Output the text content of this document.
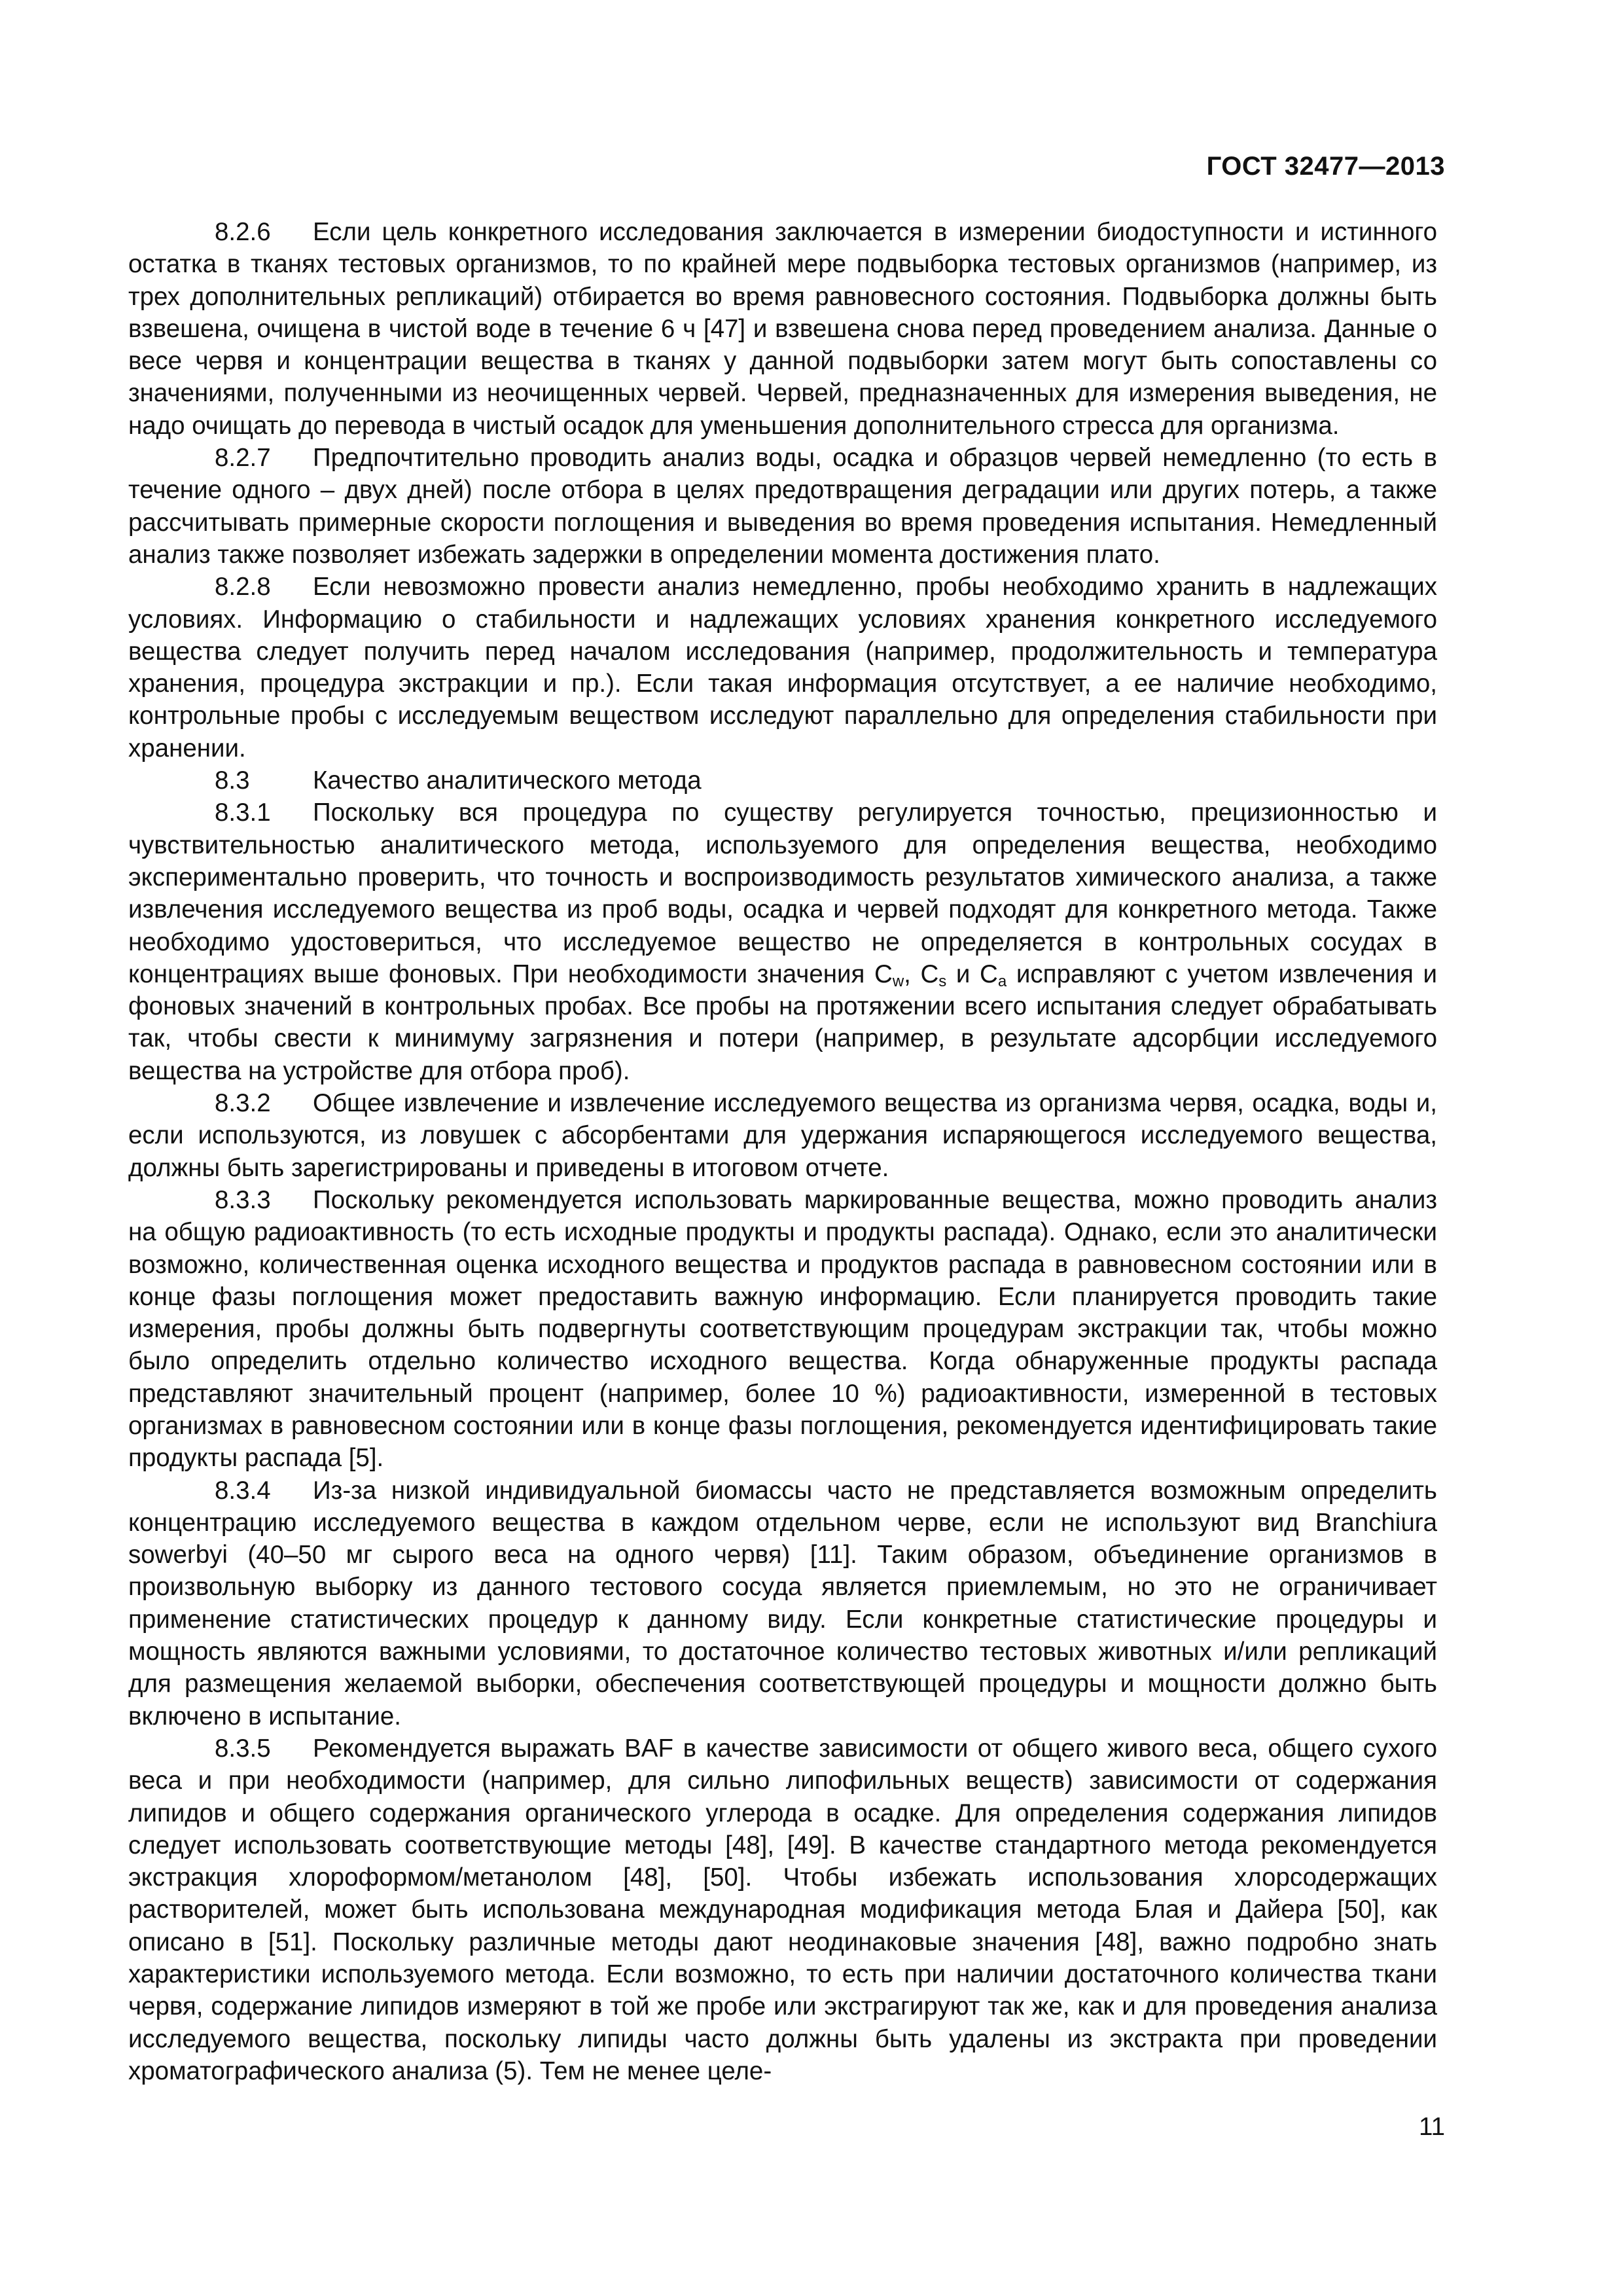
ГОСТ 32477—2013

8.2.6 Если цель конкретного исследования заключается в измерении биодоступности и истинного остатка в тканях тестовых организмов, то по крайней мере подвыборка тестовых организмов (например, из трех дополнительных репликаций) отбирается во время равновесного состояния. Подвыборка должны быть взвешена, очищена в чистой воде в течение 6 ч [47] и взвешена снова перед проведением анализа. Данные о весе червя и концентрации вещества в тканях у данной подвыборки затем могут быть сопоставлены со значениями, полученными из неочищенных червей. Червей, предназначенных для измерения выведения, не надо очищать до перевода в чистый осадок для уменьшения дополнительного стресса для организма.

8.2.7 Предпочтительно проводить анализ воды, осадка и образцов червей немедленно (то есть в течение одного – двух дней) после отбора в целях предотвращения деградации или других потерь, а также рассчитывать примерные скорости поглощения и выведения во время проведения испытания. Немедленный анализ также позволяет избежать задержки в определении момента достижения плато.

8.2.8 Если невозможно провести анализ немедленно, пробы необходимо хранить в надлежащих условиях. Информацию о стабильности и надлежащих условиях хранения конкретного исследуемого вещества следует получить перед началом исследования (например, продолжительность и температура хранения, процедура экстракции и пр.). Если такая информация отсутствует, а ее наличие необходимо, контрольные пробы с исследуемым веществом исследуют параллельно для определения стабильности при хранении.

8.3	Качество аналитического метода

8.3.1 Поскольку вся процедура по существу регулируется точностью, прецизионностью и чувствительностью аналитического метода, используемого для определения вещества, необходимо экспериментально проверить, что точность и воспроизводимость результатов химического анализа, а также извлечения исследуемого вещества из проб воды, осадка и червей подходят для конкретного метода. Также необходимо удостовериться, что исследуемое вещество не определяется в контрольных сосудах в концентрациях выше фоновых. При необходимости значения $C_w$, $C_s$ и $C_a$ исправляют с учетом извлечения и фоновых значений в контрольных пробах. Все пробы на протяжении всего испытания следует обрабатывать так, чтобы свести к минимуму загрязнения и потери (например, в результате адсорбции исследуемого вещества на устройстве для отбора проб).

8.3.2 Общее извлечение и извлечение исследуемого вещества из организма червя, осадка, воды и, если используются, из ловушек с абсорбентами для удержания испаряющегося исследуемого вещества, должны быть зарегистрированы и приведены в итоговом отчете.

8.3.3 Поскольку рекомендуется использовать маркированные вещества, можно проводить анализ на общую радиоактивность (то есть исходные продукты и продукты распада). Однако, если это аналитически возможно, количественная оценка исходного вещества и продуктов распада в равновесном состоянии или в конце фазы поглощения может предоставить важную информацию. Если планируется проводить такие измерения, пробы должны быть подвергнуты соответствующим процедурам экстракции так, чтобы можно было определить отдельно количество исходного вещества. Когда обнаруженные продукты распада представляют значительный процент (например, более 10 %) радиоактивности, измеренной в тестовых организмах в равновесном состоянии или в конце фазы поглощения, рекомендуется идентифицировать такие продукты распада [5].

8.3.4 Из-за низкой индивидуальной биомассы часто не представляется возможным определить концентрацию исследуемого вещества в каждом отдельном черве, если не используют вид Branchiura sowerbyi (40–50 мг сырого веса на одного червя) [11]. Таким образом, объединение организмов в произвольную выборку из данного тестового сосуда является приемлемым, но это не ограничивает применение статистических процедур к данному виду. Если конкретные статистические процедуры и мощность являются важными условиями, то достаточное количество тестовых животных и/или репликаций для размещения желаемой выборки, обеспечения соответствующей процедуры и мощности должно быть включено в испытание.

8.3.5 Рекомендуется выражать BAF в качестве зависимости от общего живого веса, общего сухого веса и при необходимости (например, для сильно липофильных веществ) зависимости от содержания липидов и общего содержания органического углерода в осадке. Для определения содержания липидов следует использовать соответствующие методы [48], [49]. В качестве стандартного метода рекомендуется экстракция хлороформом/метанолом [48], [50]. Чтобы избежать использования хлорсодержащих растворителей, может быть использована международная модификация метода Блая и Дайера [50], как описано в [51]. Поскольку различные методы дают неодинаковые значения [48], важно подробно знать характеристики используемого метода. Если возможно, то есть при наличии достаточного количества ткани червя, содержание липидов измеряют в той же пробе или экстрагируют так же, как и для проведения анализа исследуемого вещества, поскольку липиды часто должны быть удалены из экстракта при проведении хроматографического анализа (5). Тем не менее целе-

11
